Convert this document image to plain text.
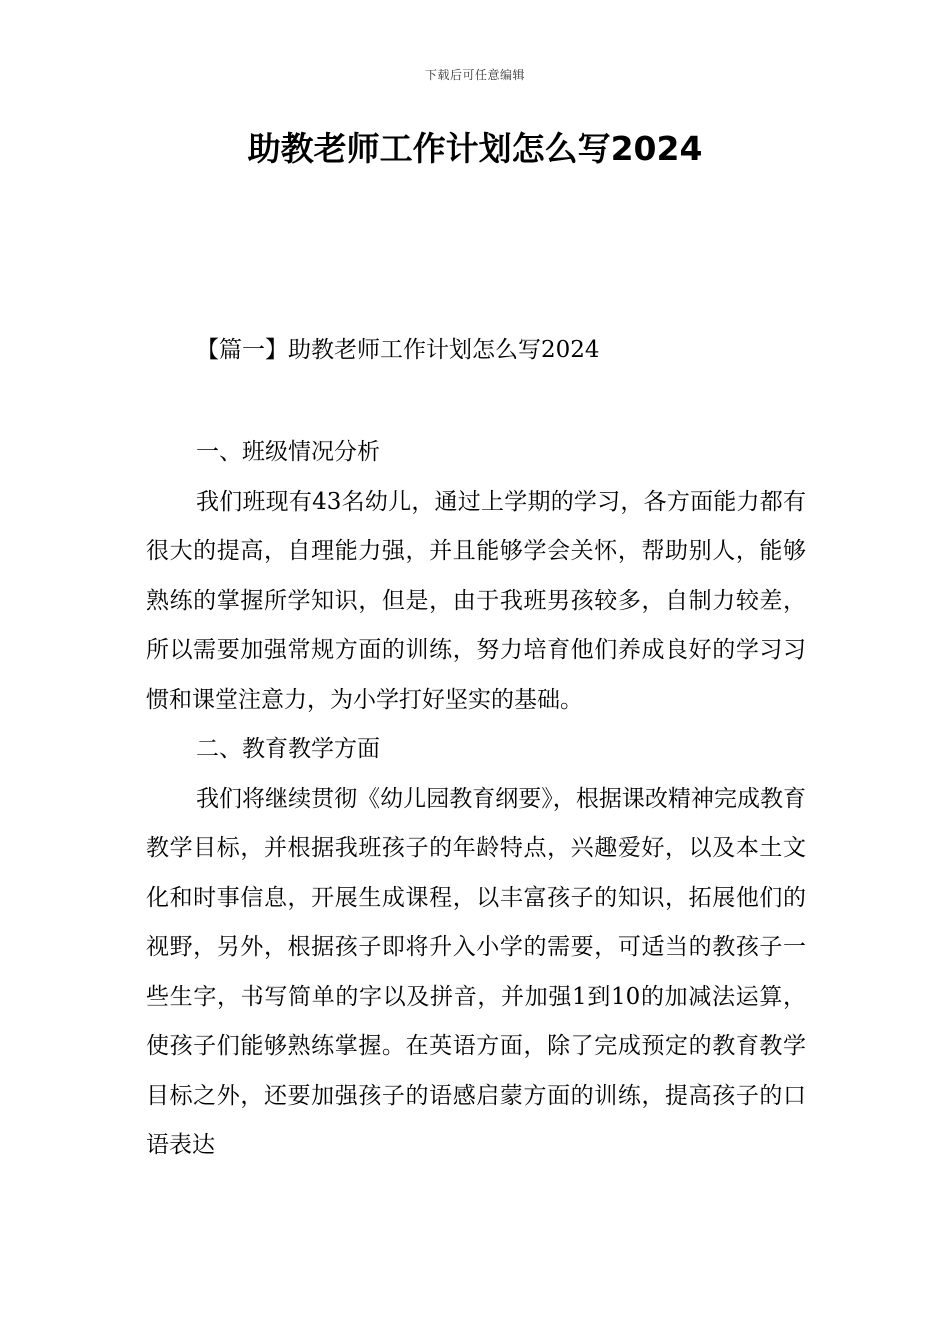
下载后可任意编辑
助教老师工作计划怎么写2024
【篇一】助教老师工作计划怎么写2024

一、班级情况分析

我们班现有43名幼儿，通过上学期的学习，各方面能力都有很大的提高，自理能力强，并且能够学会关怀，帮助别人，能够熟练的掌握所学知识，但是，由于我班男孩较多，自制力较差，所以需要加强常规方面的训练，努力培育他们养成良好的学习习惯和课堂注意力，为小学打好坚实的基础。

二、教育教学方面

我们将继续贯彻《幼儿园教育纲要》，根据课改精神完成教育教学目标，并根据我班孩子的年龄特点，兴趣爱好，以及本土文化和时事信息，开展生成课程，以丰富孩子的知识，拓展他们的视野，另外，根据孩子即将升入小学的需要，可适当的教孩子一些生字，书写简单的字以及拼音，并加强1到10的加减法运算，使孩子们能够熟练掌握。在英语方面，除了完成预定的教育教学目标之外，还要加强孩子的语感启蒙方面的训练，提高孩子的口语表达
